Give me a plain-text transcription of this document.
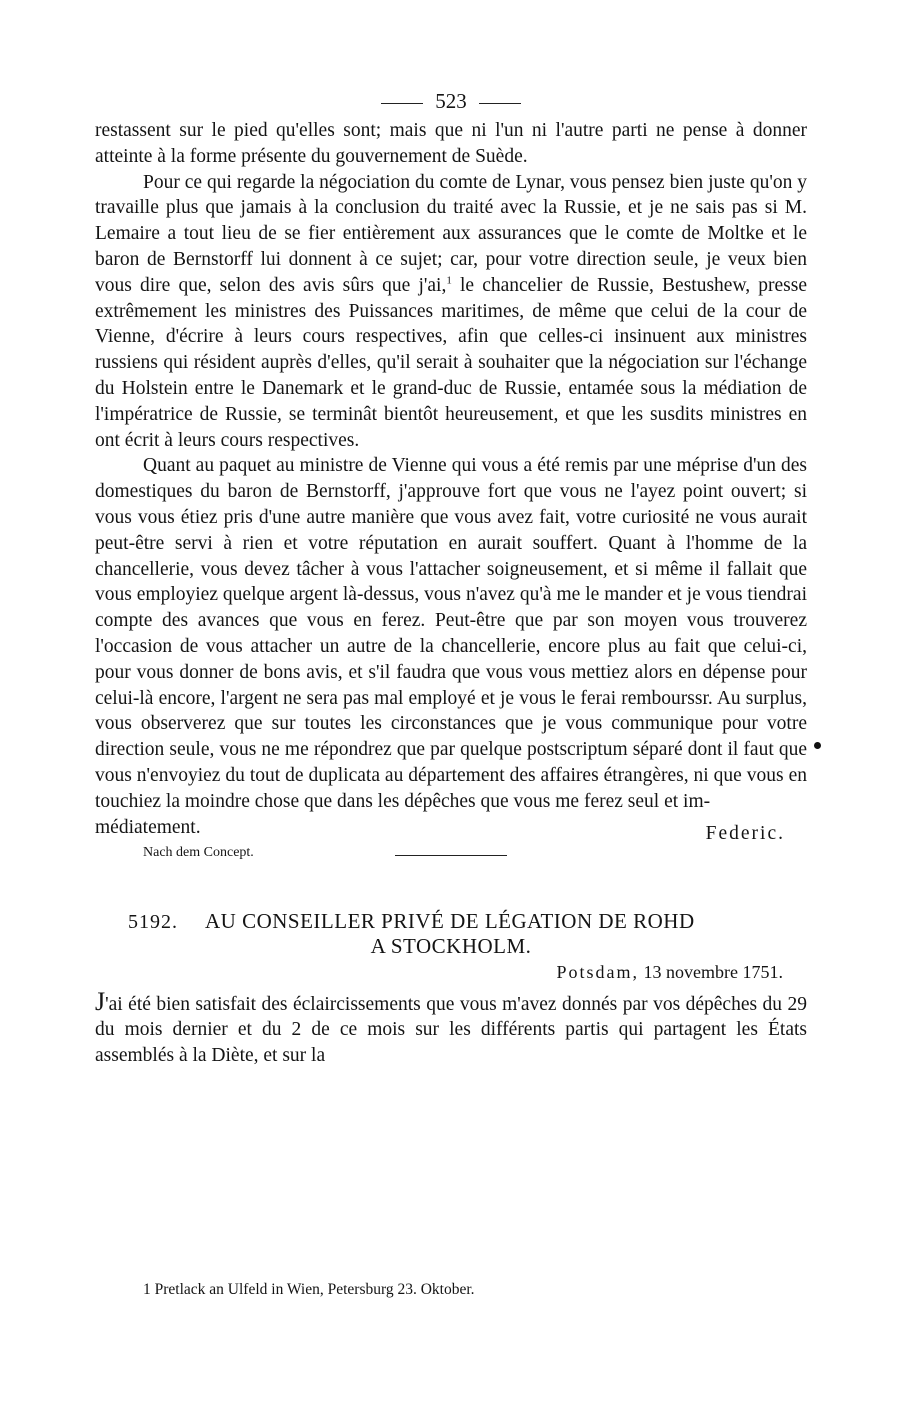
523

restassent sur le pied qu'elles sont; mais que ni l'un ni l'autre parti ne pense à donner atteinte à la forme présente du gouvernement de Suède.

Pour ce qui regarde la négociation du comte de Lynar, vous pensez bien juste qu'on y travaille plus que jamais à la conclusion du traité avec la Russie, et je ne sais pas si M. Lemaire a tout lieu de se fier entièrement aux assurances que le comte de Moltke et le baron de Bernstorff lui donnent à ce sujet; car, pour votre direction seule, je veux bien vous dire que, selon des avis sûrs que j'ai,$^1$ le chancelier de Russie, Bestushew, presse extrêmement les ministres des Puissances maritimes, de même que celui de la cour de Vienne, d'écrire à leurs cours respectives, afin que celles-ci insinuent aux ministres russiens qui résident auprès d'elles, qu'il serait à souhaiter que la négociation sur l'échange du Holstein entre le Danemark et le grand-duc de Russie, entamée sous la médiation de l'impératrice de Russie, se terminât bientôt heureusement, et que les susdits ministres en ont écrit à leurs cours respectives.

Quant au paquet au ministre de Vienne qui vous a été remis par une méprise d'un des domestiques du baron de Bernstorff, j'approuve fort que vous ne l'ayez point ouvert; si vous vous étiez pris d'une autre manière que vous avez fait, votre curiosité ne vous aurait peut-être servi à rien et votre réputation en aurait souffert. Quant à l'homme de la chancellerie, vous devez tâcher à vous l'attacher soigneusement, et si même il fallait que vous employiez quelque argent là-dessus, vous n'avez qu'à me le mander et je vous tiendrai compte des avances que vous en ferez. Peut-être que par son moyen vous trouverez l'occasion de vous attacher un autre de la chancellerie, encore plus au fait que celui-ci, pour vous donner de bons avis, et s'il faudra que vous vous mettiez alors en dépense pour celui-là encore, l'argent ne sera pas mal employé et je vous le ferai rembourssr. Au surplus, vous observerez que sur toutes les circonstances que je vous communique pour votre direction seule, vous ne me répondrez que par quelque postscriptum séparé dont il faut que vous n'envoyiez du tout de duplicata au département des affaires étrangères, ni que vous en touchiez la moindre chose que dans les dépêches que vous me ferez seul et im-

médiatement.	Federic.
Nach dem Concept.
5192. AU CONSEILLER PRIVÉ DE LÉGATION DE ROHD
A STOCKHOLM.
Potsdam, 13 novembre 1751.

J'ai été bien satisfait des éclaircissements que vous m'avez donnés par vos dépêches du 29 du mois dernier et du 2 de ce mois sur les différents partis qui partagent les États assemblés à la Diète, et sur la

1 Pretlack an Ulfeld in Wien, Petersburg 23. Oktober.
